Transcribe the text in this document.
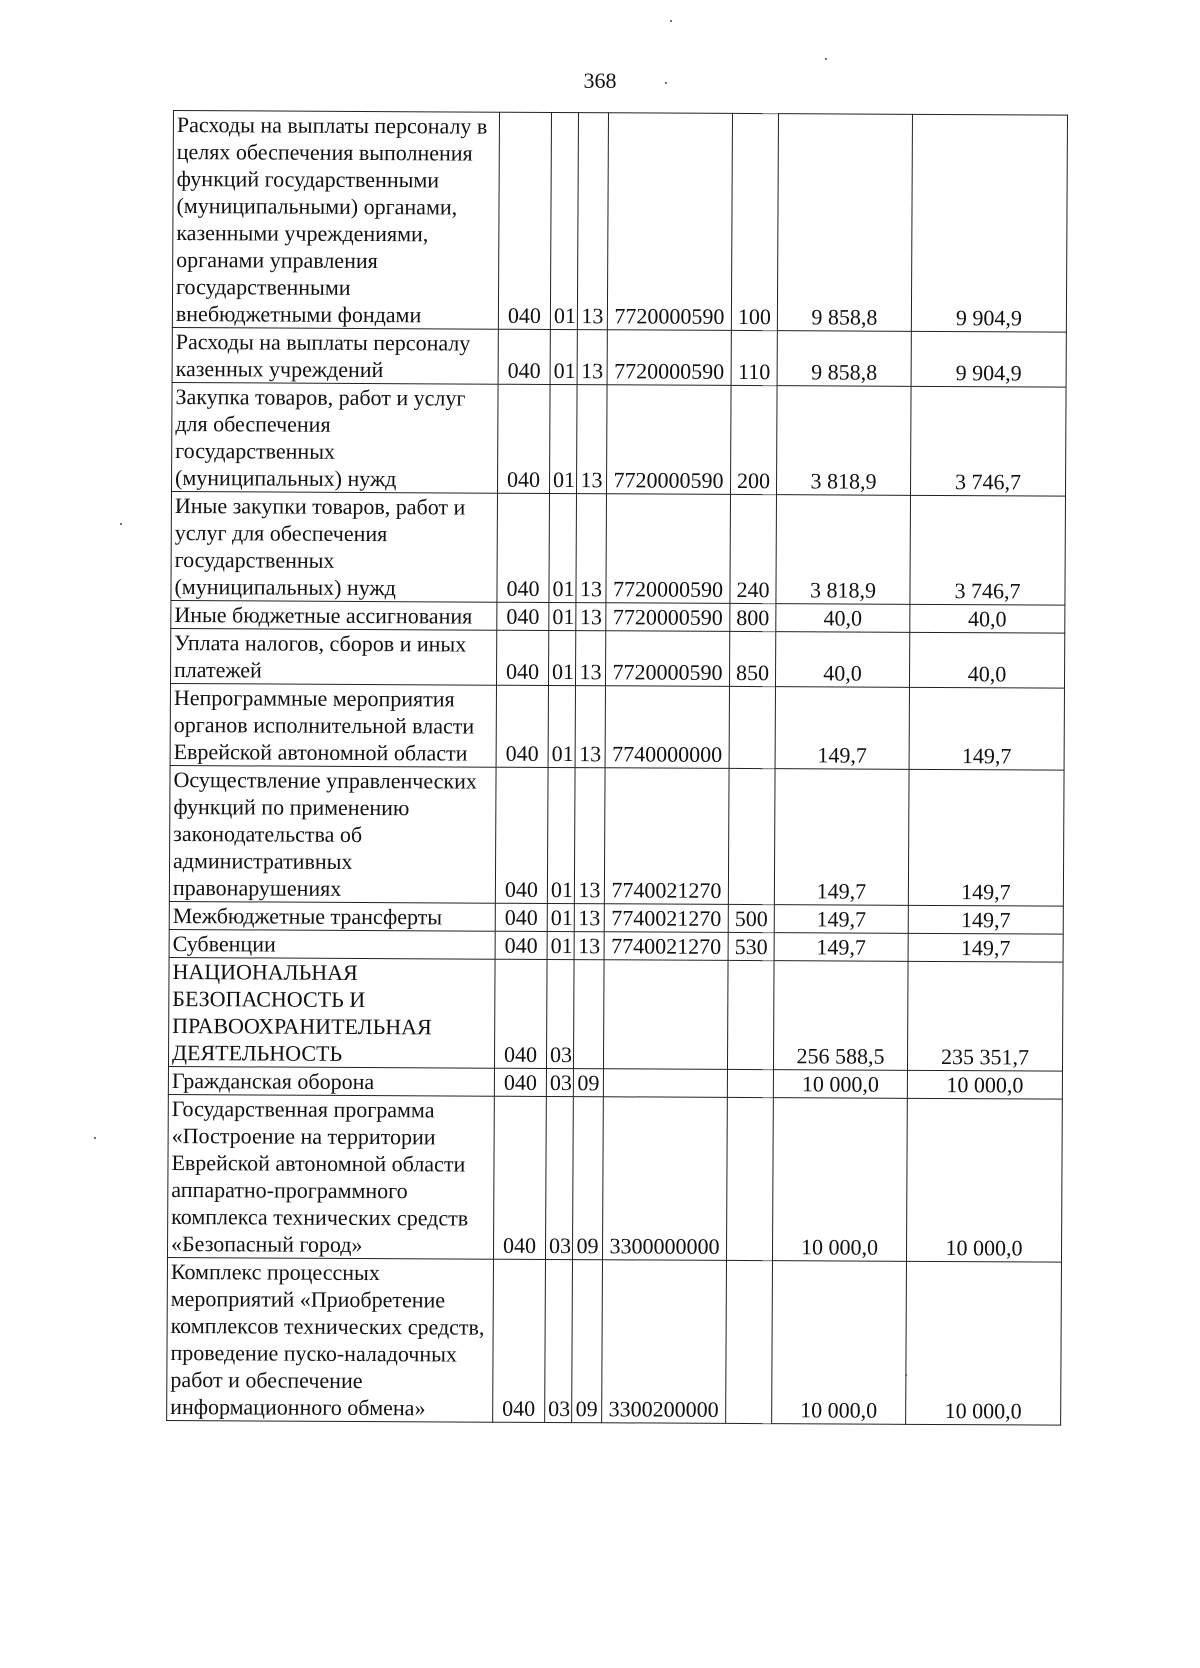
368
Расходы на выплаты персоналу в целях обеспечения выполнения функций государственными (муниципальными) органами, казенными учреждениями, органами управления государственными внебюджетными фондами	040	01	13	7720000590	100	9 858,8	9 904,9
Расходы на выплаты персоналу казенных учреждений	040	01	13	7720000590	110	9 858,8	9 904,9
Закупка товаров, работ и услуг для обеспечения государственных (муниципальных) нужд	040	01	13	7720000590	200	3 818,9	3 746,7
Иные закупки товаров, работ и услуг для обеспечения государственных (муниципальных) нужд	040	01	13	7720000590	240	3 818,9	3 746,7
Иные бюджетные ассигнования	040	01	13	7720000590	800	40,0	40,0
Уплата налогов, сборов и иных платежей	040	01	13	7720000590	850	40,0	40,0
Непрограммные мероприятия органов исполнительной власти Еврейской автономной области	040	01	13	7740000000		149,7	149,7
Осуществление управленческих функций по применению законодательства об административных правонарушениях	040	01	13	7740021270		149,7	149,7
Межбюджетные трансферты	040	01	13	7740021270	500	149,7	149,7
Субвенции	040	01	13	7740021270	530	149,7	149,7
НАЦИОНАЛЬНАЯ БЕЗОПАСНОСТЬ И ПРАВООХРАНИТЕЛЬНАЯ ДЕЯТЕЛЬНОСТЬ	040	03				256 588,5	235 351,7
Гражданская оборона	040	03	09			10 000,0	10 000,0
Государственная программа «Построение на территории Еврейской автономной области аппаратно-программного комплекса технических средств «Безопасный город»	040	03	09	3300000000		10 000,0	10 000,0
Комплекс процессных мероприятий «Приобретение комплексов технических средств, проведение пуско-наладочных работ и обеспечение информационного обмена»	040	03	09	3300200000		10 000,0	10 000,0
